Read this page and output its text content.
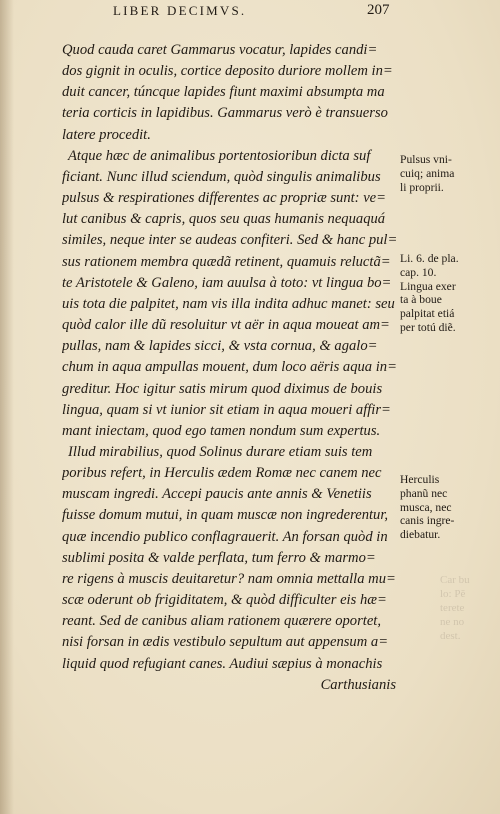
LIBER DECIMVS.	207
Quod cauda caret Gammarus vocatur, lapides candi=
dos gignit in oculis, cortice deposito duriore mollem in=
duit cancer, túncque lapides fiunt maximi absumpta ma
teria corticis in lapidibus. Gammarus verò è transuerso
latere procedit.
Atque hæc de animalibus portentosioribun dicta suf
ficiant. Nunc illud sciendum, quòd singulis animalibus
pulsus & respirationes differentes ac propriæ sunt: ve=
lut canibus & capris, quos seu quas humanis nequaquá
similes, neque inter se audeas confiteri. Sed & hanc pul=
sus rationem membra quædã retinent, quamuis reluctã=
te Aristotele & Galeno, iam auulsa à toto: vt lingua bo=
uis tota die palpitet, nam vis illa indita adhuc manet: seu
quòd calor ille dũ resoluitur vt aër in aqua moueat am=
pullas, nam & lapides sicci, & vsta cornua, & agalo=
chum in aqua ampullas mouent, dum loco aëris aqua in=
greditur. Hoc igitur satis mirum quod diximus de bouis
lingua, quam si vt iunior sit etiam in aqua moueri affir=
mant iniectam, quod ego tamen nondum sum expertus.
Illud mirabilius, quod Solinus durare etiam suis tem
poribus refert, in Herculis ædem Romæ nec canem nec
muscam ingredi. Accepi paucis ante annis & Venetiis
fuisse domum mutui, in quam muscæ non ingrederentur,
quæ incendio publico conflagrauerit. An forsan quòd in
sublimi posita & valde perflata, tum ferro & marmo=
re rigens à muscis deuitaretur? nam omnia mettalla mu=
scæ oderunt ob frigiditatem, & quòd difficulter eis hæ=
reant. Sed de canibus aliam rationem quærere oportet,
nisi forsan in ædis vestibulo sepultum aut appensum a=
liquid quod refugiant canes. Audiui sæpius à monachis
Carthusianis
Pulsus vni-
cuiq; anima
li proprii.
Li. 6. de pla.
cap. 10.
Lingua exer
ta à boue
palpitat etiá
per totú diẽ.
Herculis
phanũ nec
musca, nec
canis ingre-
diebatur.
Car bu
lo: Pĕ
terete
ne no
dest.
